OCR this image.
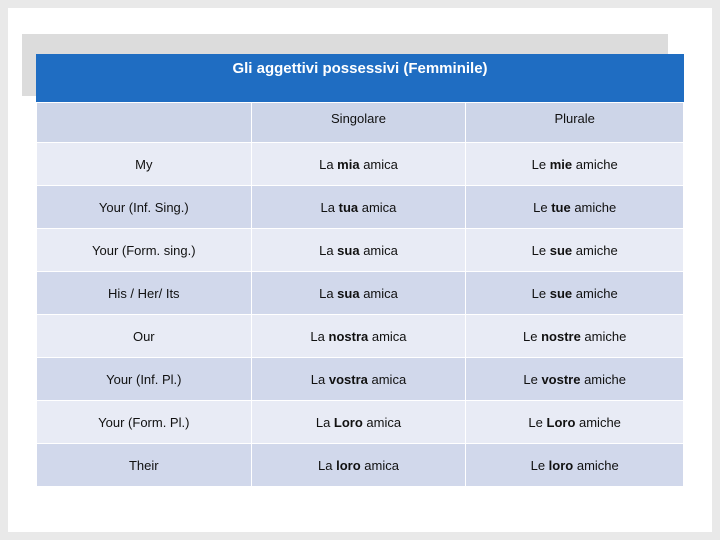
Gli aggettivi possessivi (Femminile)
	Singolare	Plurale
My	La mia amica	Le mie amiche
Your (Inf. Sing.)	La tua amica	Le tue amiche
Your (Form. sing.)	La sua amica	Le sue amiche
His / Her/ Its	La sua amica	Le sue amiche
Our	La nostra amica	Le nostre amiche
Your (Inf. Pl.)	La vostra amica	Le vostre amiche
Your (Form. Pl.)	La Loro amica	Le Loro amiche
Their	La loro amica	Le loro amiche
